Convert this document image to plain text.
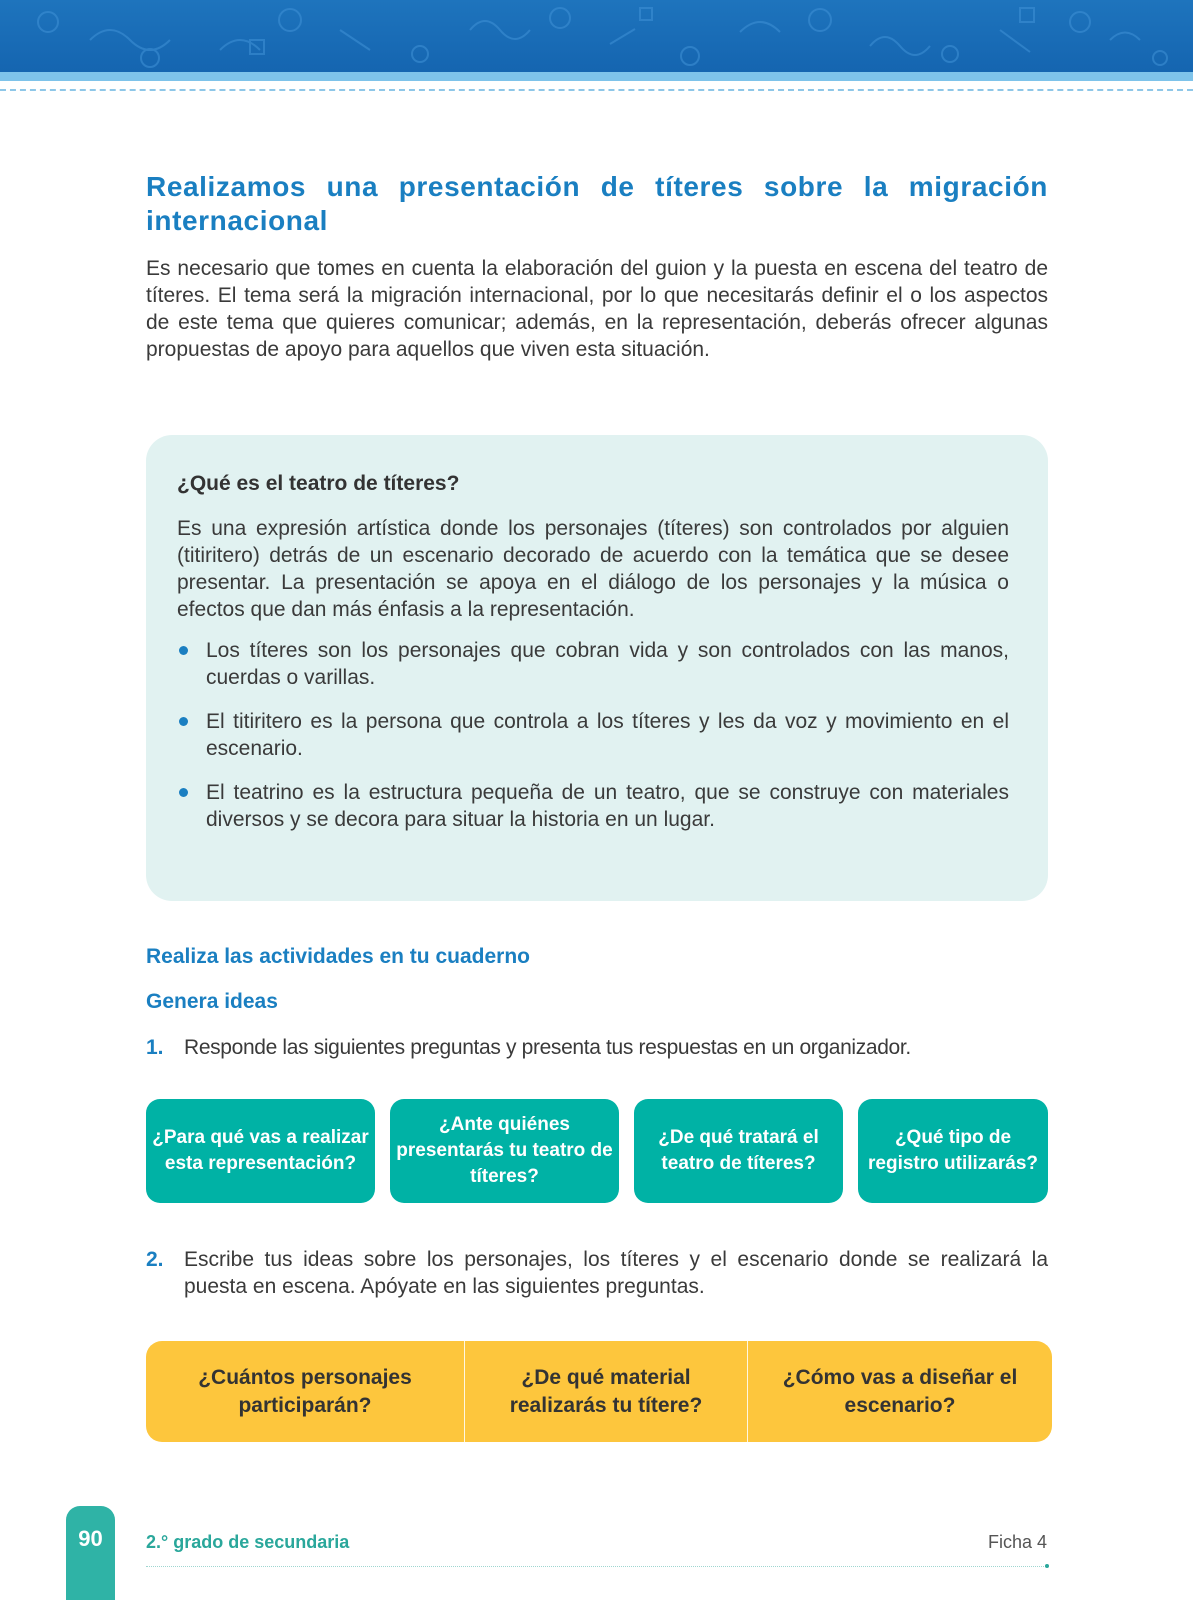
Realizamos una presentación de títeres sobre la migración internacional

Es necesario que tomes en cuenta la elaboración del guion y la puesta en escena del teatro de títeres. El tema será la migración internacional, por lo que necesitarás definir el o los aspectos de este tema que quieres comunicar; además, en la representación, deberás ofrecer algunas propuestas de apoyo para aquellos que viven esta situación.

¿Qué es el teatro de títeres?

Es una expresión artística donde los personajes (títeres) son controlados por alguien (titiritero) detrás de un escenario decorado de acuerdo con la temática que se desee presentar. La presentación se apoya en el diálogo de los personajes y la música o efectos que dan más énfasis a la representación.

Los títeres son los personajes que cobran vida y son controlados con las manos, cuerdas o varillas.
El titiritero es la persona que controla a los títeres y les da voz y movimiento en el escenario.
El teatrino es la estructura pequeña de un teatro, que se construye con materiales diversos y se decora para situar la historia en un lugar.

Realiza las actividades en tu cuaderno

Genera ideas

1. Responde las siguientes preguntas y presenta tus respuestas en un organizador.
¿Para qué vas a realizar esta representación?
¿Ante quiénes presentarás tu teatro de títeres?
¿De qué tratará el teatro de títeres?
¿Qué tipo de registro utilizarás?
2. Escribe tus ideas sobre los personajes, los títeres y el escenario donde se realizará la puesta en escena. Apóyate en las siguientes preguntas.
¿Cuántos personajes participarán?
¿De qué material realizarás tu títere?
¿Cómo vas a diseñar el escenario?
90 2.° grado de secundaria	Ficha 4
